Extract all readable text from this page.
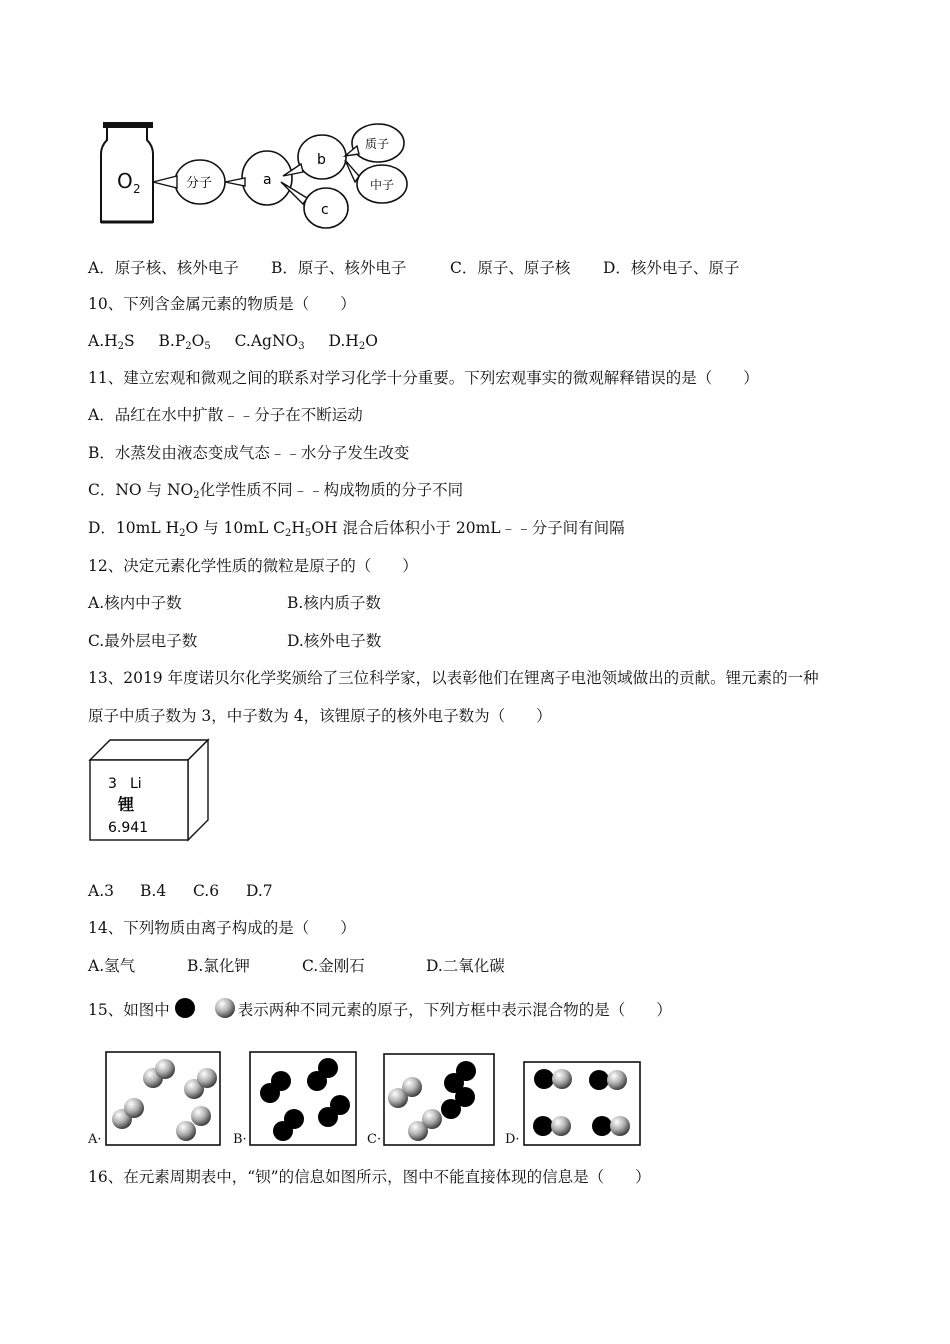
O 2	分子	a
b
c
质子
中子
A．原子核、核外电子 B．原子、核外电子	C．原子、原子核 D．核外电子、原子
10、下列含金属元素的物质是（　　）
$A.H_2S$ $B.P_2O_5$ C.AgNO$_3$ $D.H_2O$
11、建立宏观和微观之间的联系对学习化学十分重要。下列宏观事实的微观解释错误的是（　　）
A．品红在水中扩散﹣﹣分子在不断运动
B．水蒸发由液态变成气态﹣﹣水分子发生改变
C．NO 与 $NO_2$化学性质不同﹣﹣构成物质的分子不同
D．10mL $H_2O$ 与 10mL $C_2H_5OH$ 混合后体积小于 20mL﹣﹣分子间有间隔
12、决定元素化学性质的微粒是原子的（　　）
A.核内中子数	B.核内质子数
C.最外层电子数	D.核外电子数
13、2019 年度诺贝尔化学奖颁给了三位科学家，以表彰他们在锂离子电池领域做出的贡献。锂元素的一种
原子中质子数为 3，中子数为 4，该锂原子的核外电子数为（　　）
3 Li
锂
6.941
A.3 B.4 C.6 D.7
14、下列物质由离子构成的是（　　）
A.氢气	B.氯化钾	C.金刚石	D.二氧化碳
15、如图中	表示两种不同元素的原子，下列方框中表示混合物的是（　　）
A·	B·	C·	D·
16、在元素周期表中，“钡”的信息如图所示，图中不能直接体现的信息是（　　）
